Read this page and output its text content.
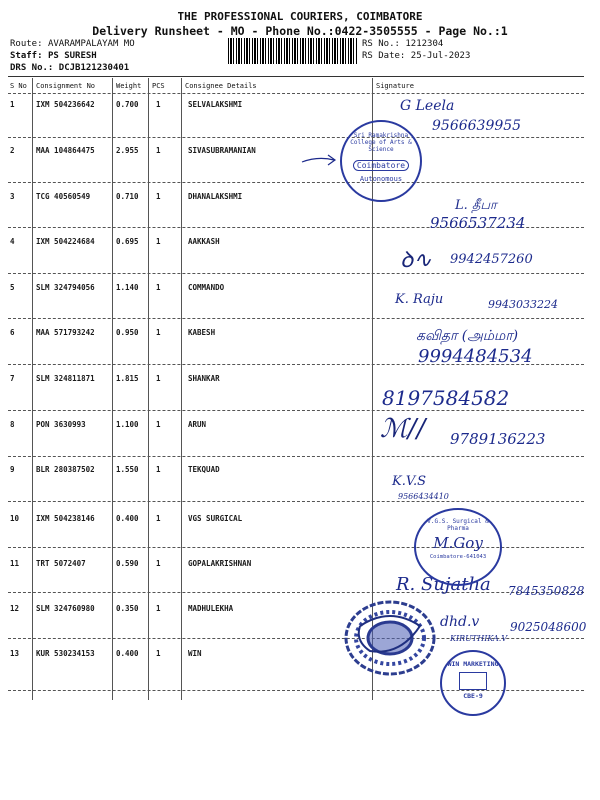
THE PROFESSIONAL COURIERS, COIMBATORE
Delivery Runsheet - MO - Phone No.:0422-3505555 - Page No.:1
Route: AVARAMPALAYAM MO
Staff: PS SURESH
DRS No.: DCJB121230401
RS No.: 1212304
RS Date: 25-Jul-2023
S No Consignment No	Weight PCS	Consignee Details	Signature
1	IXM 504236642	0.700 1	SELVALAKSHMI
2	MAA 104864475	2.955 1	SIVASUBRAMANIAN
3	TCG 40560549	0.710 1	DHANALAKSHMI
4	IXM 504224684	0.695 1	AAKKASH
5	SLM 324794056	1.140 1	COMMANDO
6	MAA 571793242	0.950 1	KABESH
7	SLM 324811871	1.815 1	SHANKAR
8	PON 3630993	1.100 1	ARUN
9	BLR 280387502	1.550 1	TEKQUAD
10 IXM 504238146	0.400 1	VGS SURGICAL
11 TRT 5072407	0.590 1	GOPALAKRISHNAN
12 SLM 324760980	0.350 1	MADHULEKHA
13 KUR 530234153	0.400 1	WIN
G Leela
9566639955
L. தீபா
9566537234
ꝺ∿ 9942457260
K. Raju	9943033224
கவிதா (அம்மா)
9994484534
8197584582
ℳ∕∕ 9789136223
K.V.S
9566434410
R. Sujatha 7845350828
dhd.v	9025048600
KIRUTHIKA.V
Sri Ramakrishna College of Arts & Science
Coimbatore
Autonomous
V.G.S. Surgical & Pharma
M.Goy
Coimbatore-641043
WIN MARKETING
CBE-9
